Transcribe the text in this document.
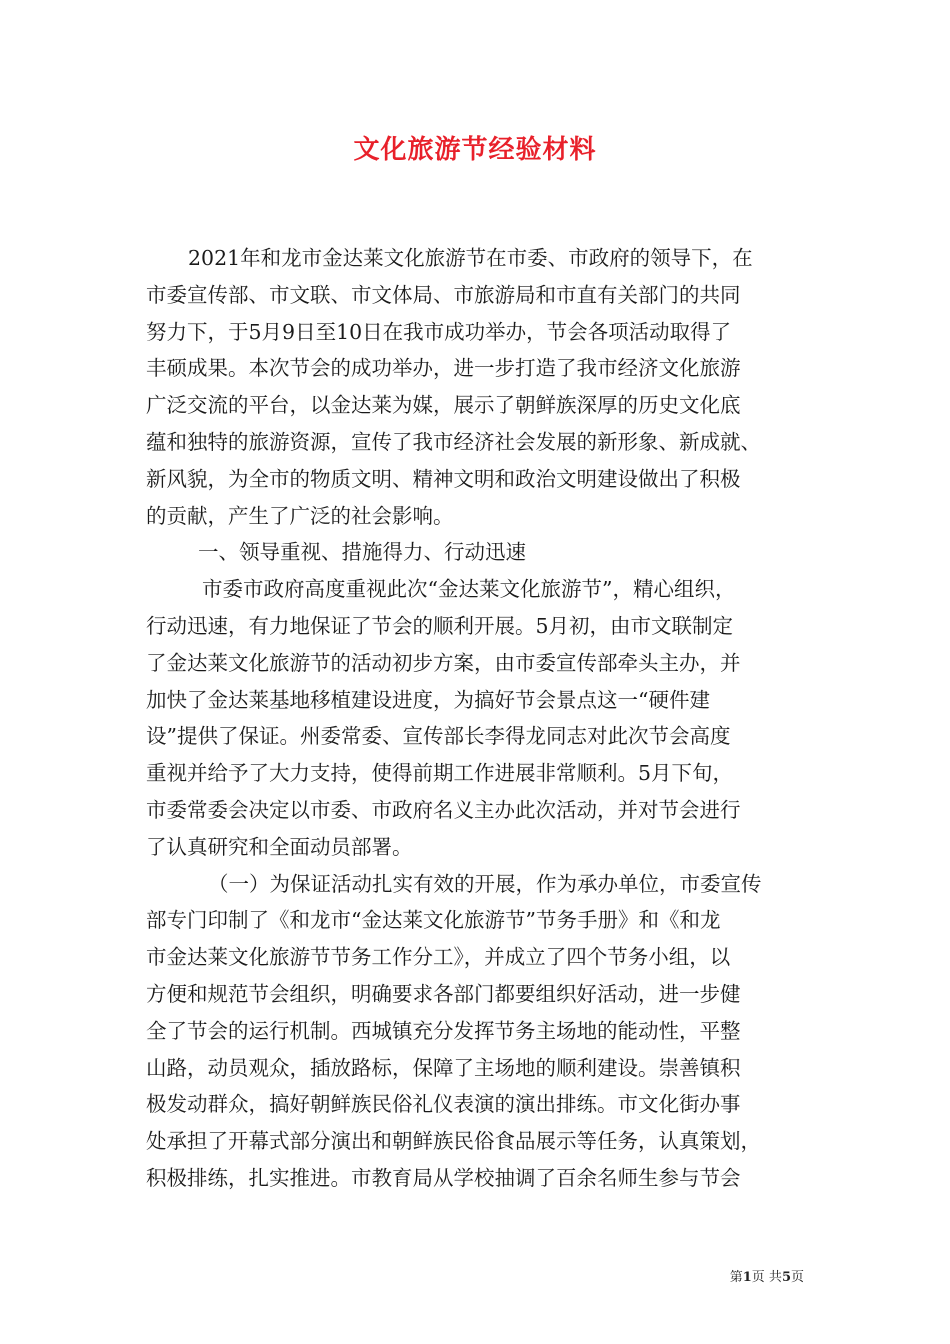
文化旅游节经验材料
2021年和龙市金达莱文化旅游节在市委、市政府的领导下，在
市委宣传部、市文联、市文体局、市旅游局和市直有关部门的共同
努力下，于5月9日至10日在我市成功举办，节会各项活动取得了
丰硕成果。本次节会的成功举办，进一步打造了我市经济文化旅游
广泛交流的平台，以金达莱为媒，展示了朝鲜族深厚的历史文化底
蕴和独特的旅游资源，宣传了我市经济社会发展的新形象、新成就、
新风貌，为全市的物质文明、精神文明和政治文明建设做出了积极
的贡献，产生了广泛的社会影响。
一、领导重视、措施得力、行动迅速
市委市政府高度重视此次“金达莱文化旅游节”，精心组织，
行动迅速，有力地保证了节会的顺利开展。5月初，由市文联制定
了金达莱文化旅游节的活动初步方案，由市委宣传部牵头主办，并
加快了金达莱基地移植建设进度，为搞好节会景点这一“硬件建
设”提供了保证。州委常委、宣传部长李得龙同志对此次节会高度
重视并给予了大力支持，使得前期工作进展非常顺利。5月下旬，
市委常委会决定以市委、市政府名义主办此次活动，并对节会进行
了认真研究和全面动员部署。
（一）为保证活动扎实有效的开展，作为承办单位，市委宣传
部专门印制了《和龙市“金达莱文化旅游节”节务手册》和《和龙
市金达莱文化旅游节节务工作分工》，并成立了四个节务小组，以
方便和规范节会组织，明确要求各部门都要组织好活动，进一步健
全了节会的运行机制。西城镇充分发挥节务主场地的能动性，平整
山路，动员观众，插放路标，保障了主场地的顺利建设。崇善镇积
极发动群众，搞好朝鲜族民俗礼仪表演的演出排练。市文化街办事
处承担了开幕式部分演出和朝鲜族民俗食品展示等任务，认真策划，
积极排练，扎实推进。市教育局从学校抽调了百余名师生参与节会
第1页 共5页
